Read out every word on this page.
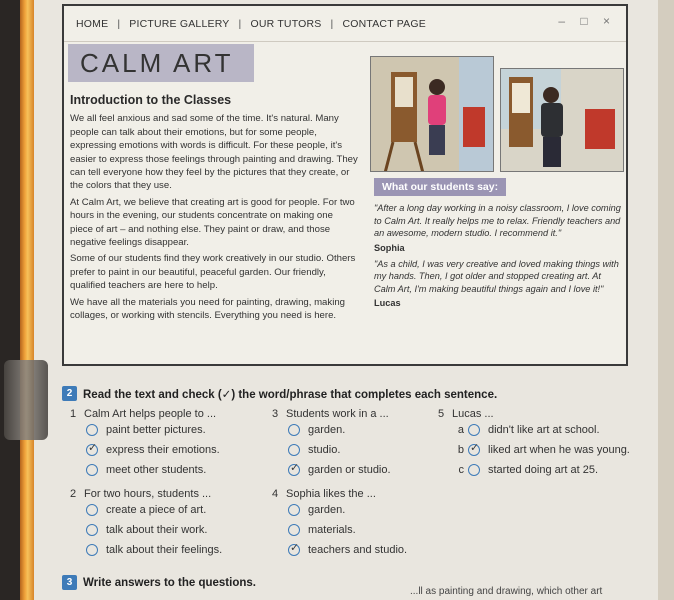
HOME | PICTURE GALLERY | OUR TUTORS | CONTACT PAGE	– □ ×
CALM ART
Introduction to the Classes

We all feel anxious and sad some of the time. It's natural. Many people can talk about their emotions, but for some people, expressing emotions with words is difficult. For these people, it's easier to express those feelings through painting and drawing. They can tell everyone how they feel by the pictures that they create, or the colors that they use.

At Calm Art, we believe that creating art is good for people. For two hours in the evening, our students concentrate on making one piece of art – and nothing else. They paint or draw, and those negative feelings disappear.

Some of our students find they work creatively in our studio. Others prefer to paint in our beautiful, peaceful garden. Our friendly, qualified teachers are here to help.

We have all the materials you need for painting, drawing, making collages, or working with stencils. Everything you need is here.

What our students say:

"After a long day working in a noisy classroom, I love coming to Calm Art. It really helps me to relax. Friendly teachers and an awesome, modern studio. I recommend it."

Sophia

"As a child, I was very creative and loved making things with my hands. Then, I got older and stopped creating art. At Calm Art, I'm making beautiful things again and I love it!"

Lucas

2 Read the text and check (✓) the word/phrase that completes each sentence.
1 Calm Art helps people to ...
paint better pictures.
✓
express their emotions.
meet other students.
2 For two hours, students ...
create a piece of art.
talk about their work.
talk about their feelings.
3 Students work in a ...
garden.
studio.
✓
garden or studio.
4 Sophia likes the ...
garden.
materials.
✓
teachers and studio.
5 Lucas ...
a didn't like art at school.
b
✓ liked art when he was young.
c started doing art at 25.
3 Write answers to the questions.
...ll as painting and drawing, which other art
